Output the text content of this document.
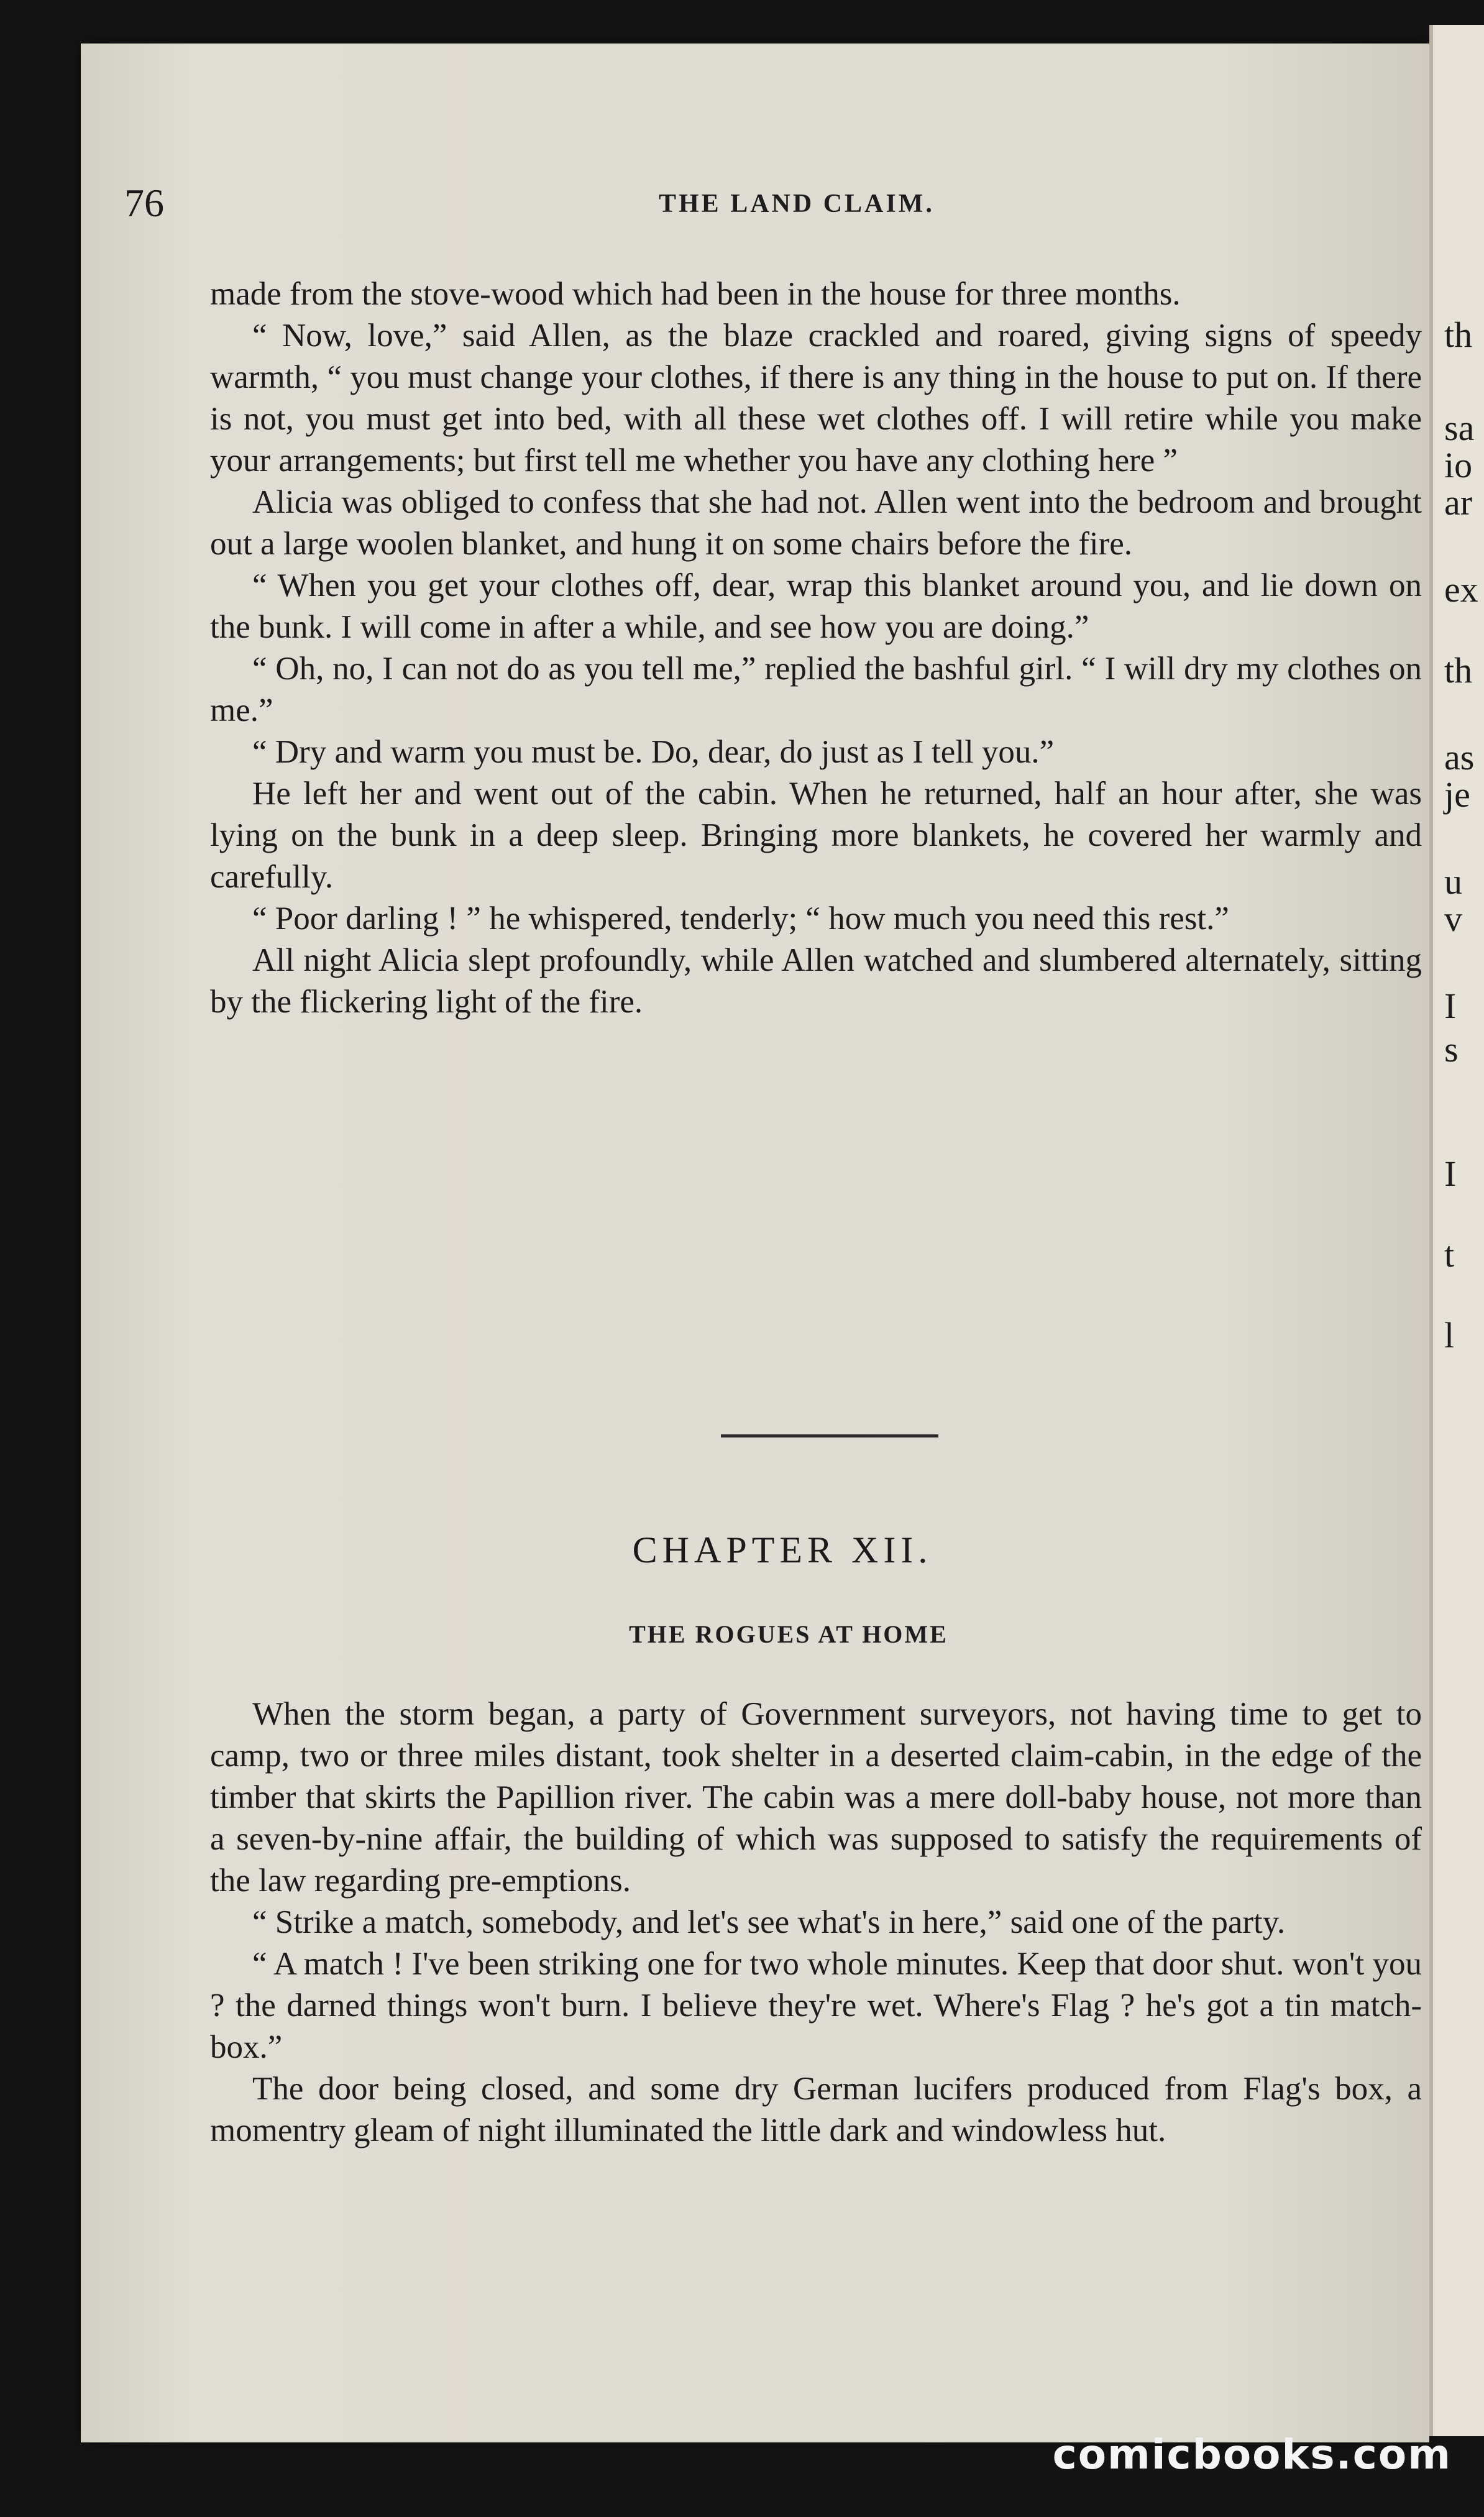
th
sa
io
ar
ex
th
as
je
u
v
I
s
I
t
l
76	THE LAND CLAIM.

made from the stove-wood which had been in the house for three months.

“ Now, love,” said Allen, as the blaze crackled and roared, giving signs of speedy warmth, “ you must change your clothes, if there is any thing in the house to put on. If there is not, you must get into bed, with all these wet clothes off. I will retire while you make your arrangements; but first tell me whether you have any clothing here ”

Alicia was obliged to confess that she had not. Allen went into the bedroom and brought out a large woolen blanket, and hung it on some chairs before the fire.

“ When you get your clothes off, dear, wrap this blanket around you, and lie down on the bunk. I will come in after a while, and see how you are doing.”

“ Oh, no, I can not do as you tell me,” replied the bashful girl. “ I will dry my clothes on me.”

“ Dry and warm you must be. Do, dear, do just as I tell you.”

He left her and went out of the cabin. When he returned, half an hour after, she was lying on the bunk in a deep sleep. Bringing more blankets, he covered her warmly and carefully.

“ Poor darling ! ” he whispered, tenderly; “ how much you need this rest.”

All night Alicia slept profoundly, while Allen watched and slumbered alternately, sitting by the flickering light of the fire.

CHAPTER XII.
THE ROGUES AT HOME

When the storm began, a party of Government surveyors, not having time to get to camp, two or three miles distant, took shelter in a deserted claim-cabin, in the edge of the timber that skirts the Papillion river. The cabin was a mere doll-baby house, not more than a seven-by-nine affair, the building of which was supposed to satisfy the requirements of the law regarding pre-emptions.

“ Strike a match, somebody, and let's see what's in here,” said one of the party.

“ A match ! I've been striking one for two whole minutes. Keep that door shut. won't you ? the darned things won't burn. I believe they're wet. Where's Flag ? he's got a tin match-box.”

The door being closed, and some dry German lucifers produced from Flag's box, a momentry gleam of night illuminated the little dark and windowless hut.

comicbooks.com
